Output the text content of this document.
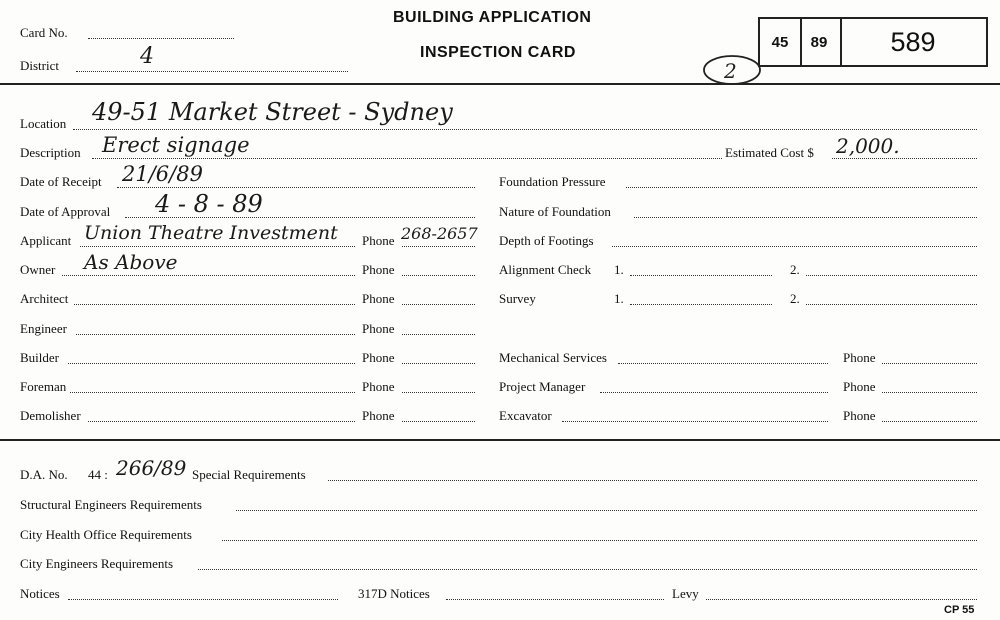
Card No.
District	4
BUILDING APPLICATION
INSPECTION CARD
45 89 589
2
Location 49-51 Market Street - Sydney
Description Erect signage	Estimated Cost $ 2,000.
Date of Receipt 21/6/89	Foundation Pressure
Date of Approval 4 - 8 - 89	Nature of Foundation
Applicant Union Theatre Investment Phone 268-2657 Depth of Footings
Owner As Above	Phone	Alignment Check 1.	2.
Architect	Phone	Survey	1.	2.
Engineer	Phone
Builder	Phone	Mechanical Services	Phone
Foreman	Phone	Project Manager	Phone
Demolisher	Phone	Excavator	Phone
D.A. No. 44 : 266/89 Special Requirements
Structural Engineers Requirements
City Health Office Requirements
City Engineers Requirements
Notices	317D Notices	Levy
CP 55
